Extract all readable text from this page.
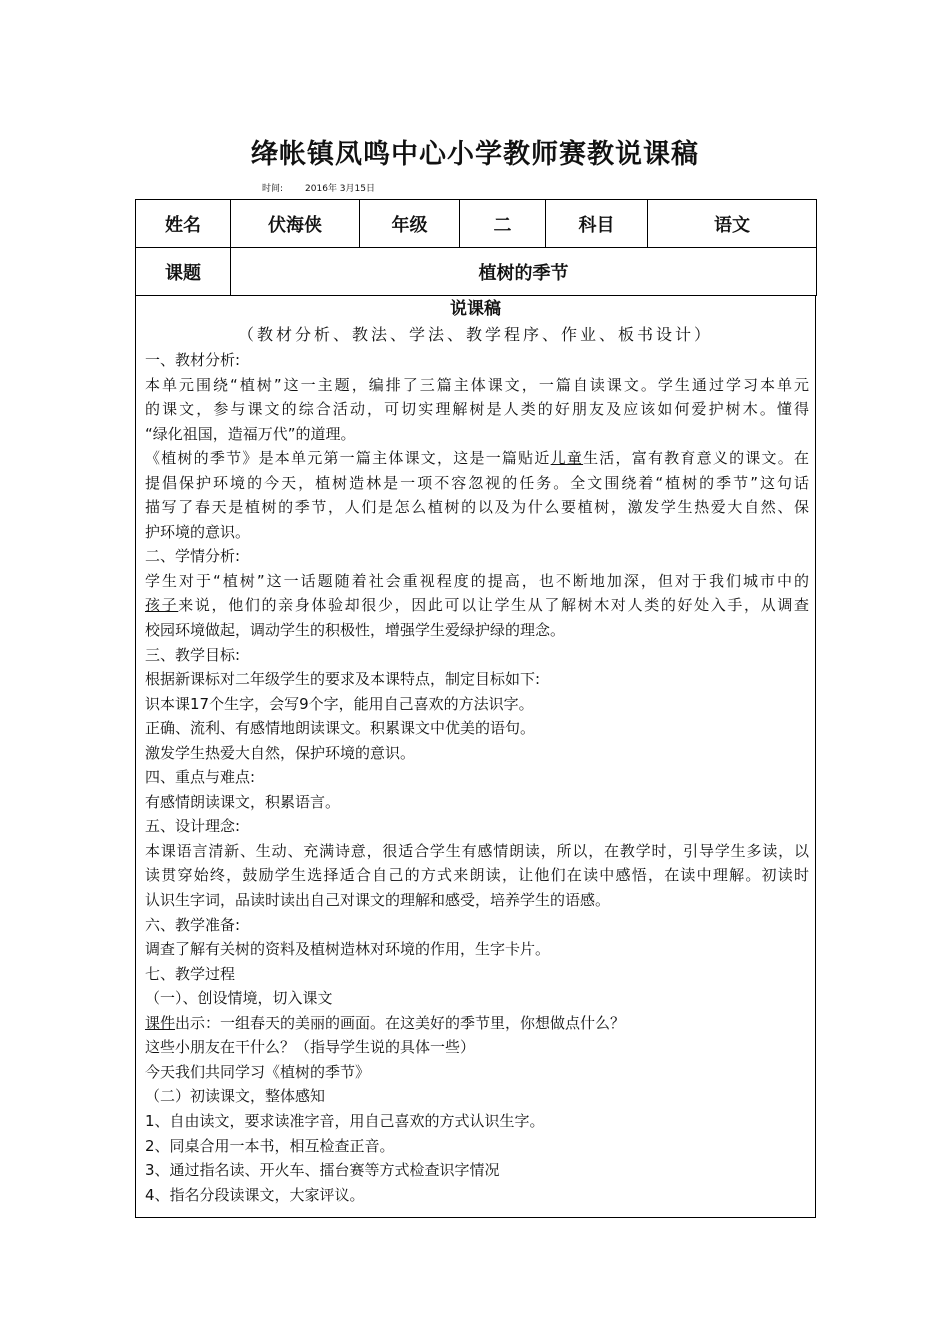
绛帐镇凤鸣中心小学教师赛教说课稿
时间: 2016年 3月15日
姓名	伏海侠	年级	二	科目	语文
课题	植树的季节				
说课稿
（教材分析、教法、学法、教学程序、作业、板书设计）
一、教材分析:
本单元围绕“植树”这一主题，编排了三篇主体课文，一篇自读课文。学生通过学习本单元
的课文，参与课文的综合活动，可切实理解树是人类的好朋友及应该如何爱护树木。懂得
“绿化祖国，造福万代”的道理。
《植树的季节》是本单元第一篇主体课文，这是一篇贴近儿童生活，富有教育意义的课文。在
提倡保护环境的今天，植树造林是一项不容忽视的任务。全文围绕着“植树的季节”这句话
描写了春天是植树的季节，人们是怎么植树的以及为什么要植树，激发学生热爱大自然、保
护环境的意识。
二、学情分析:
学生对于“植树”这一话题随着社会重视程度的提高，也不断地加深，但对于我们城市中的
孩子来说，他们的亲身体验却很少，因此可以让学生从了解树木对人类的好处入手，从调查
校园环境做起，调动学生的积极性，增强学生爱绿护绿的理念。
三、教学目标:
根据新课标对二年级学生的要求及本课特点，制定目标如下:
识本课17个生字，会写9个字，能用自己喜欢的方法识字。
正确、流利、有感情地朗读课文。积累课文中优美的语句。
激发学生热爱大自然，保护环境的意识。
四、重点与难点:
有感情朗读课文，积累语言。
五、设计理念:
本课语言清新、生动、充满诗意，很适合学生有感情朗读，所以，在教学时，引导学生多读，以
读贯穿始终，鼓励学生选择适合自己的方式来朗读，让他们在读中感悟，在读中理解。初读时
认识生字词，品读时读出自己对课文的理解和感受，培养学生的语感。
六、教学准备:
调查了解有关树的资料及植树造林对环境的作用，生字卡片。
七、教学过程
（一）、创设情境，切入课文
课件出示：一组春天的美丽的画面。在这美好的季节里，你想做点什么？
这些小朋友在干什么？（指导学生说的具体一些）
今天我们共同学习《植树的季节》
（二）初读课文，整体感知
1、自由读文，要求读准字音，用自己喜欢的方式认识生字。
2、同桌合用一本书，相互检查正音。
3、通过指名读、开火车、擂台赛等方式检查识字情况
4、指名分段读课文，大家评议。
